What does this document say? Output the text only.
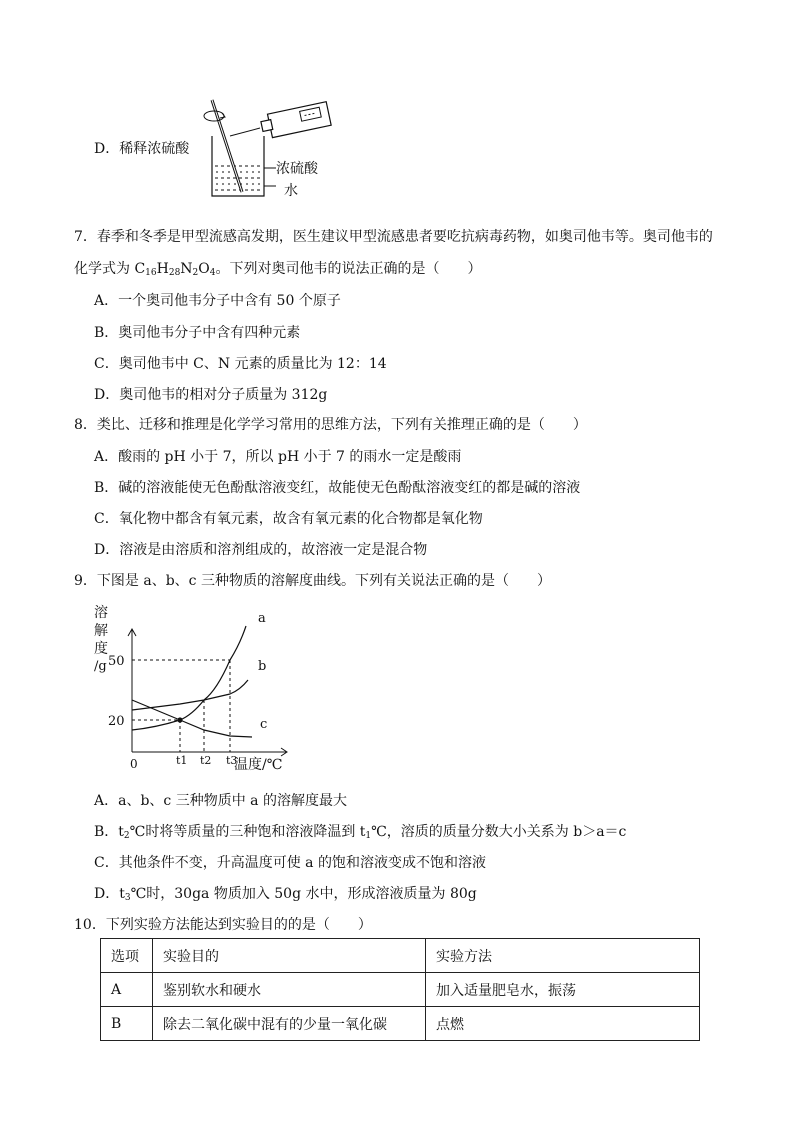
D．稀释浓硫酸
浓硫酸
水
7．春季和冬季是甲型流感高发期，医生建议甲型流感患者要吃抗病毒药物，如奥司他韦等。奥司他韦的
化学式为 $C_{16}H_{28}N_2O_4$。下列对奥司他韦的说法正确的是（　　）
A．一个奥司他韦分子中含有 50 个原子
B．奥司他韦分子中含有四种元素
C．奥司他韦中 C、N 元素的质量比为 12：14
D．奥司他韦的相对分子质量为 312g
8．类比、迁移和推理是化学学习常用的思维方法，下列有关推理正确的是（　　）
A．酸雨的 pH 小于 7，所以 pH 小于 7 的雨水一定是酸雨
B．碱的溶液能使无色酚酞溶液变红，故能使无色酚酞溶液变红的都是碱的溶液
C．氧化物中都含有氧元素，故含有氧元素的化合物都是氧化物
D．溶液是由溶质和溶剂组成的，故溶液一定是混合物
9．下图是 a、b、c 三种物质的溶解度曲线。下列有关说法正确的是（　　）
50
20
0	t1 t2 t3
a
b
c
溶
解
度
/g
温度/℃
A．a、b、c 三种物质中 a 的溶解度最大
B．$t_2℃$时将等质量的三种饱和溶液降温到 $t_1℃$，溶质的质量分数大小关系为 b＞a＝c
C．其他条件不变，升高温度可使 a 的饱和溶液变成不饱和溶液
D．$t_3℃$时，30ga 物质加入 50g 水中，形成溶液质量为 80g
10．下列实验方法能达到实验目的的是（　　）
选项	实验目的	实验方法
A	鉴别软水和硬水	加入适量肥皂水，振荡
B	除去二氧化碳中混有的少量一氧化碳	点燃
